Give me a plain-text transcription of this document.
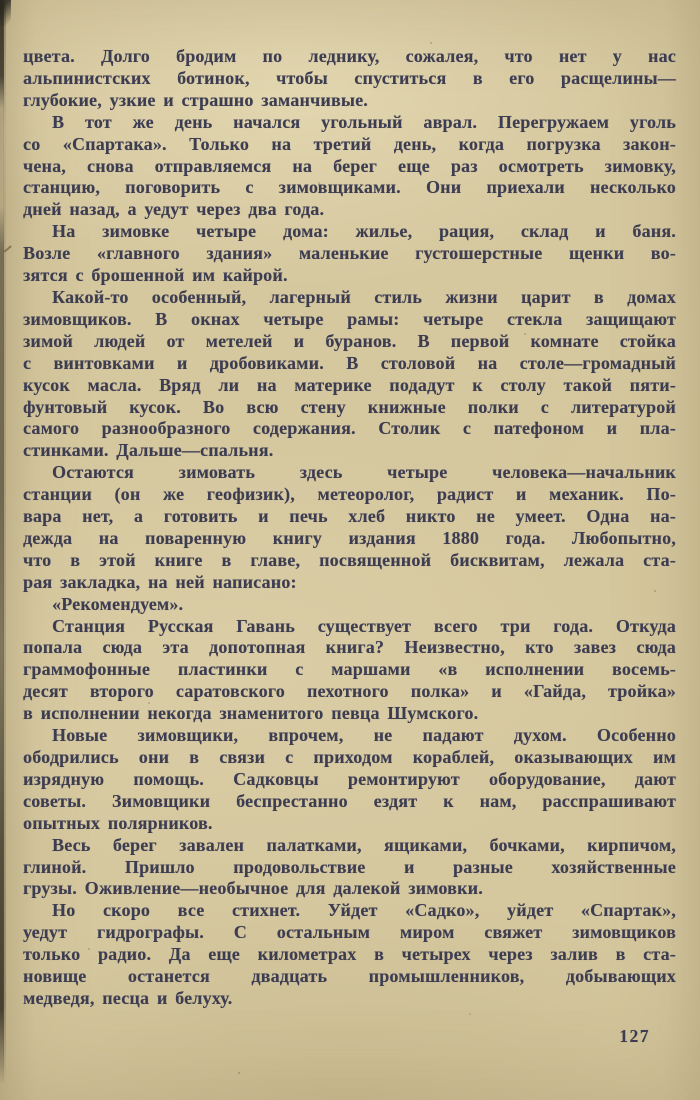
цвета. Долго бродим по леднику, сожалея, что нет у нас
альпинистских ботинок, чтобы спуститься в его расщелины—
глубокие, узкие и страшно заманчивые.
В тот же день начался угольный аврал. Перегружаем уголь
со «Спартака». Только на третий день, когда погрузка закон-
чена, снова отправляемся на берег еще раз осмотреть зимовку,
станцию, поговорить с зимовщиками. Они приехали несколько
дней назад, а уедут через два года.
На зимовке четыре дома: жилье, рация, склад и баня.
Возле «главного здания» маленькие густошерстные щенки во-
зятся с брошенной им кайрой.
Какой-то особенный, лагерный стиль жизни царит в домах
зимовщиков. В окнах четыре рамы: четыре стекла защищают
зимой людей от метелей и буранов. В первой комнате стойка
с винтовками и дробовиками. В столовой на столе—громадный
кусок масла. Вряд ли на материке подадут к столу такой пяти-
фунтовый кусок. Во всю стену книжные полки с литературой
самого разнообразного содержания. Столик с патефоном и пла-
стинками. Дальше—спальня.
Остаются зимовать здесь четыре человека—начальник
станции (он же геофизик), метеоролог, радист и механик. По-
вара нет, а готовить и печь хлеб никто не умеет. Одна на-
дежда на поваренную книгу издания 1880 года. Любопытно,
что в этой книге в главе, посвященной бисквитам, лежала ста-
рая закладка, на ней написано:
«Рекомендуем».
Станция Русская Гавань существует всего три года. Откуда
попала сюда эта допотопная книга? Неизвестно, кто завез сюда
граммофонные пластинки с маршами «в исполнении восемь-
десят второго саратовского пехотного полка» и «Гайда, тройка»
в исполнении некогда знаменитого певца Шумского.
Новые зимовщики, впрочем, не падают духом. Особенно
ободрились они в связи с приходом кораблей, оказывающих им
изрядную помощь. Садковцы ремонтируют оборудование, дают
советы. Зимовщики беспрестанно ездят к нам, расспрашивают
опытных полярников.
Весь берег завален палатками, ящиками, бочками, кирпичом,
глиной. Пришло продовольствие и разные хозяйственные
грузы. Оживление—необычное для далекой зимовки.
Но скоро все стихнет. Уйдет «Садко», уйдет «Спартак»,
уедут гидрографы. С остальным миром свяжет зимовщиков
только радио. Да еще километрах в четырех через залив в ста-
новище останется двадцать промышленников, добывающих
медведя, песца и белуху.
127
